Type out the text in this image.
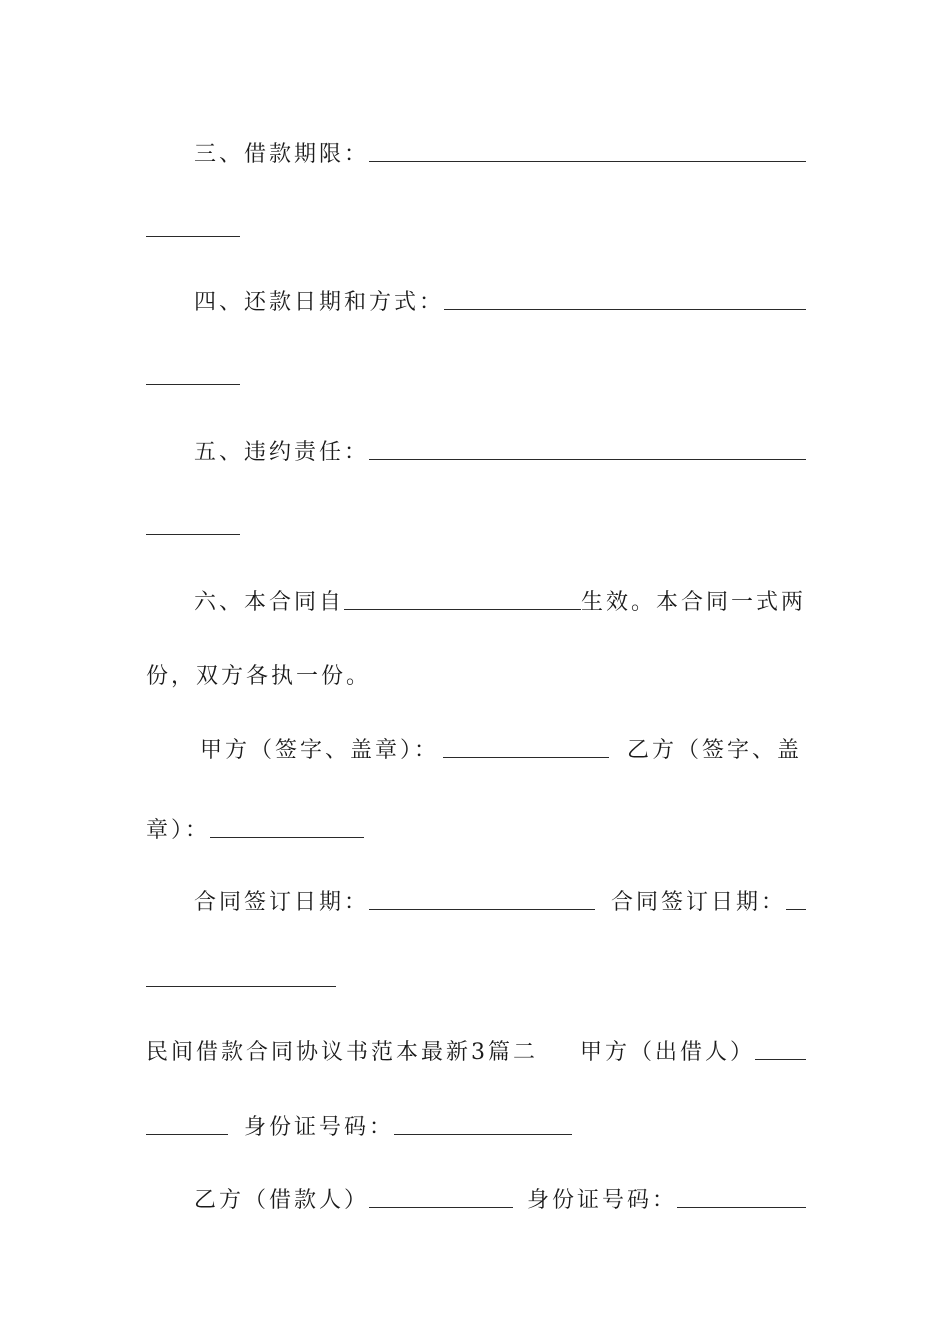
三、借款期限：
四、还款日期和方式：
五、违约责任：
六、本合同自	生效。本合同一式两
份，双方各执一份。
甲方（签字、盖章）：	乙方（签字、盖
章）：
合同签订日期：	合同签订日期：
民间借款合同协议书范本最新3篇二 甲方（出借人）
身份证号码：
乙方（借款人）	身份证号码：
